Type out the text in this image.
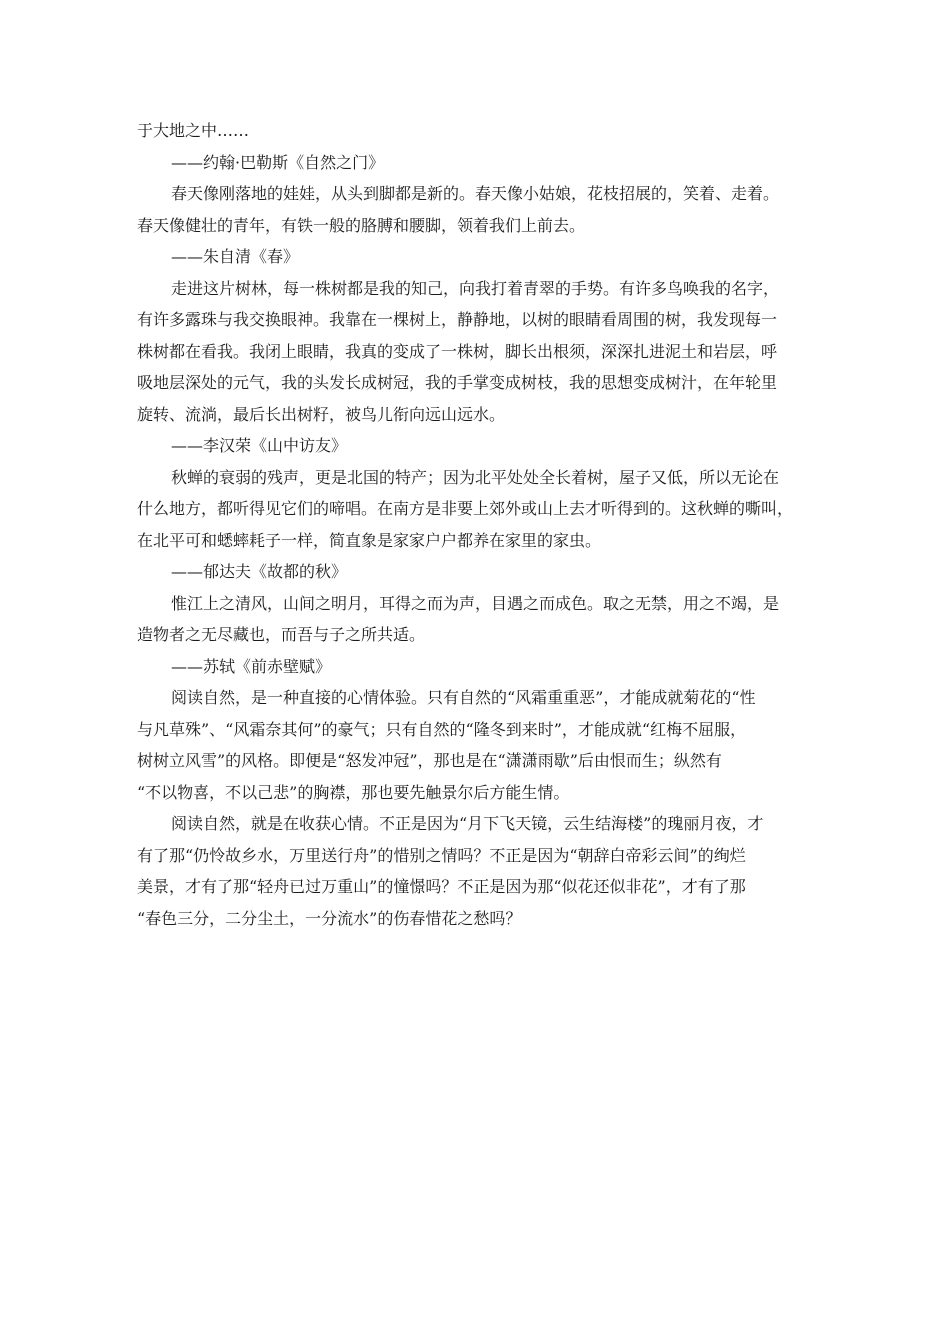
于大地之中……
——约翰·巴勒斯《自然之门》
春天像刚落地的娃娃，从头到脚都是新的。春天像小姑娘，花枝招展的，笑着、走着。
春天像健壮的青年，有铁一般的胳膊和腰脚，领着我们上前去。
——朱自清《春》
走进这片树林，每一株树都是我的知己，向我打着青翠的手势。有许多鸟唤我的名字，
有许多露珠与我交换眼神。我靠在一棵树上，静静地，以树的眼睛看周围的树，我发现每一
株树都在看我。我闭上眼睛，我真的变成了一株树，脚长出根须，深深扎进泥土和岩层，呼
吸地层深处的元气，我的头发长成树冠，我的手掌变成树枝，我的思想变成树汁，在年轮里
旋转、流淌，最后长出树籽，被鸟儿衔向远山远水。
——李汉荣《山中访友》
秋蝉的衰弱的残声，更是北国的特产；因为北平处处全长着树，屋子又低，所以无论在
什么地方，都听得见它们的啼唱。在南方是非要上郊外或山上去才听得到的。这秋蝉的嘶叫，
在北平可和蟋蟀耗子一样，简直象是家家户户都养在家里的家虫。
——郁达夫《故都的秋》
惟江上之清风，山间之明月，耳得之而为声，目遇之而成色。取之无禁，用之不竭，是
造物者之无尽藏也，而吾与子之所共适。
——苏轼《前赤壁赋》
阅读自然，是一种直接的心情体验。只有自然的“风霜重重恶”，才能成就菊花的“性
与凡草殊”、“风霜奈其何”的豪气；只有自然的“隆冬到来时”，才能成就“红梅不屈服，
树树立风雪”的风格。即便是“怒发冲冠”，那也是在“潇潇雨歇”后由恨而生；纵然有
“不以物喜，不以己悲”的胸襟，那也要先触景尔后方能生情。
阅读自然，就是在收获心情。不正是因为“月下飞天镜，云生结海楼”的瑰丽月夜，才
有了那“仍怜故乡水，万里送行舟”的惜别之情吗？不正是因为“朝辞白帝彩云间”的绚烂
美景，才有了那“轻舟已过万重山”的憧憬吗？不正是因为那“似花还似非花”，才有了那
“春色三分，二分尘土，一分流水”的伤春惜花之愁吗？
